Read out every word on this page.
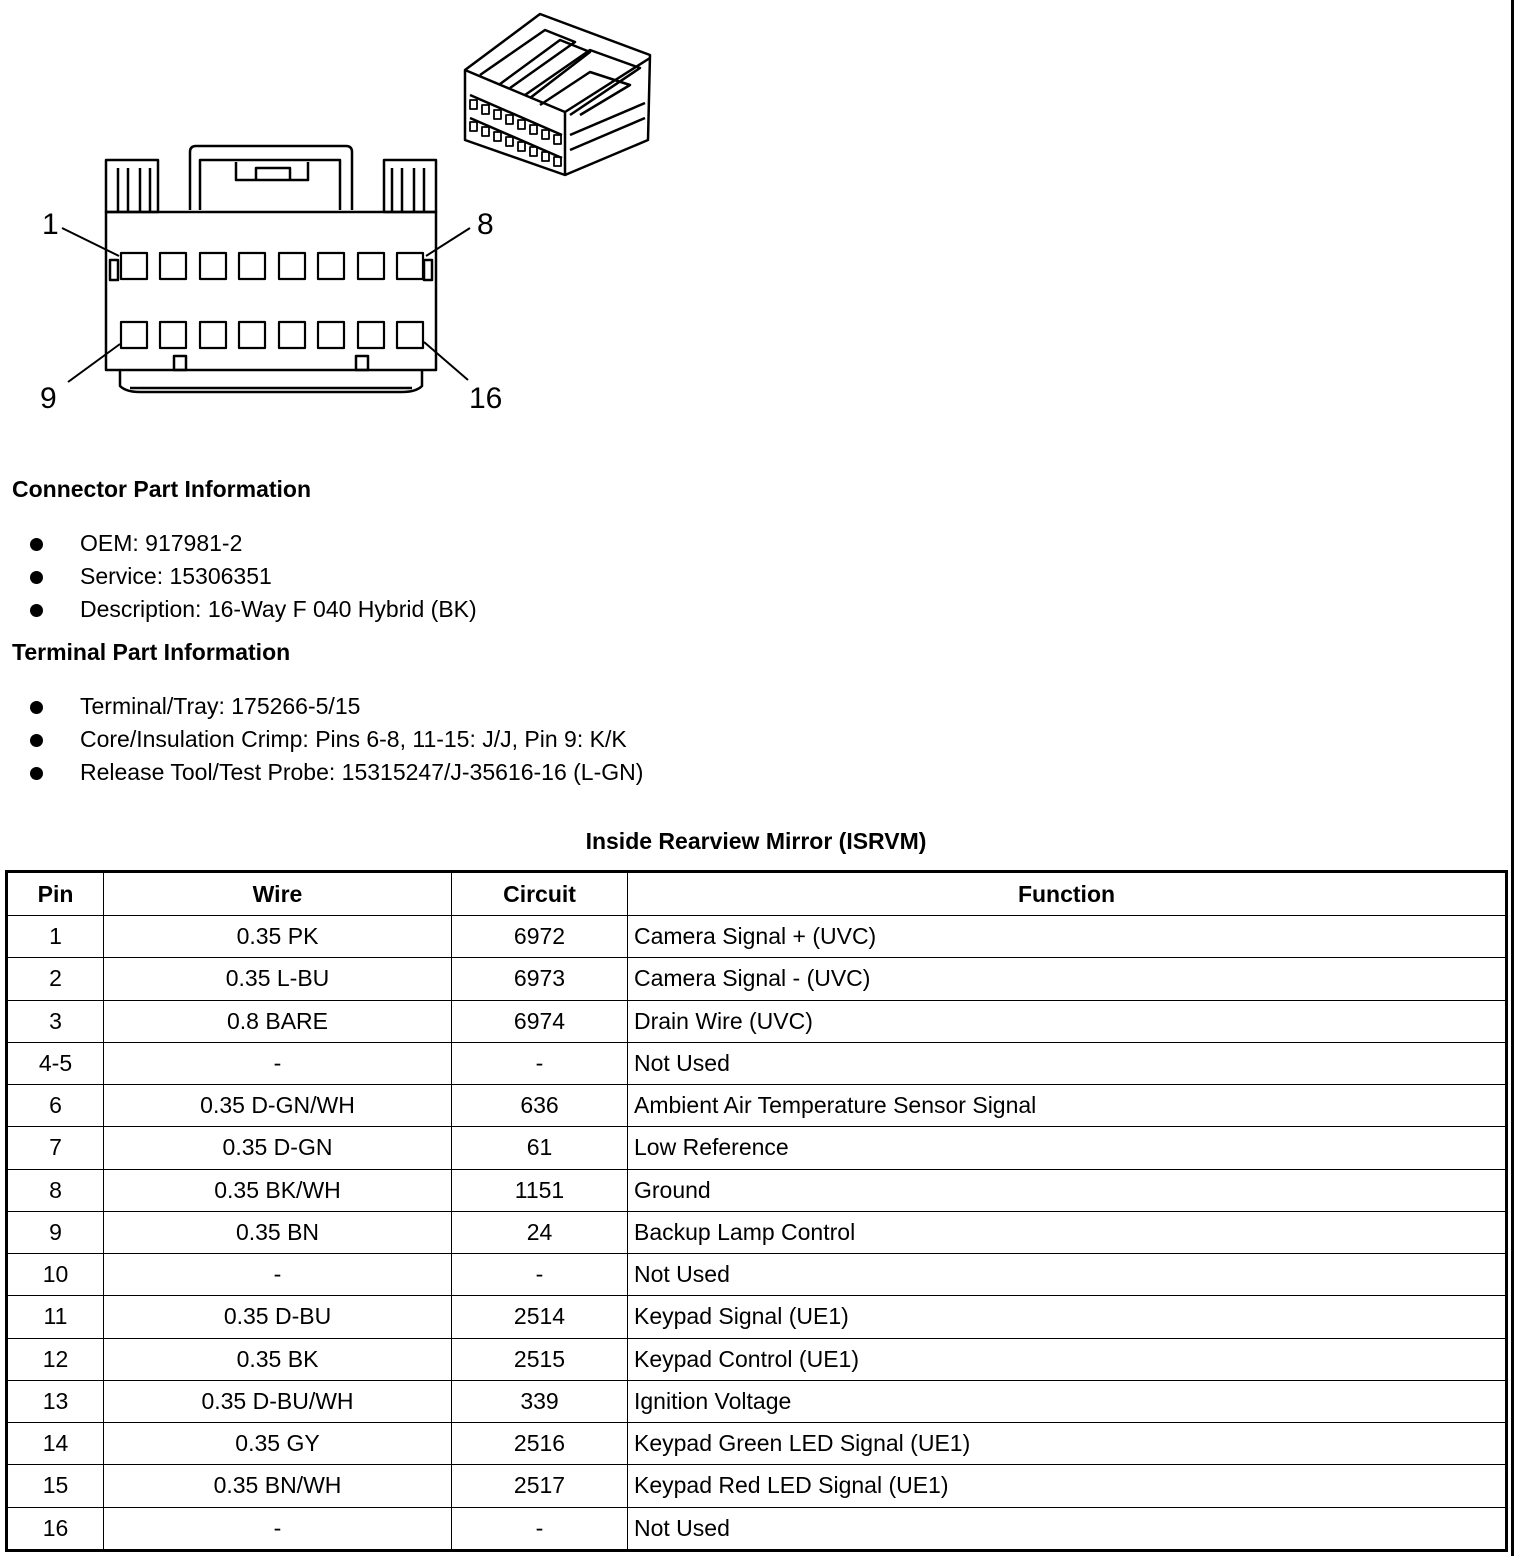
1	8
9	16
Connector Part Information
OEM: 917981-2
Service: 15306351
Description: 16-Way F 040 Hybrid (BK)
Terminal Part Information
Terminal/Tray: 175266-5/15
Core/Insulation Crimp: Pins 6-8, 11-15: J/J, Pin 9: K/K
Release Tool/Test Probe: 15315247/J-35616-16 (L-GN)
Inside Rearview Mirror (ISRVM)
Pin	Wire	Circuit	Function
1	0.35 PK	6972	Camera Signal + (UVC)
2	0.35 L-BU	6973	Camera Signal - (UVC)
3	0.8 BARE	6974	Drain Wire (UVC)
4-5	-	-	Not Used
6	0.35 D-GN/WH	636	Ambient Air Temperature Sensor Signal
7	0.35 D-GN	61	Low Reference
8	0.35 BK/WH	1151	Ground
9	0.35 BN	24	Backup Lamp Control
10	-	-	Not Used
11	0.35 D-BU	2514	Keypad Signal (UE1)
12	0.35 BK	2515	Keypad Control (UE1)
13	0.35 D-BU/WH	339	Ignition Voltage
14	0.35 GY	2516	Keypad Green LED Signal (UE1)
15	0.35 BN/WH	2517	Keypad Red LED Signal (UE1)
16	-	-	Not Used
